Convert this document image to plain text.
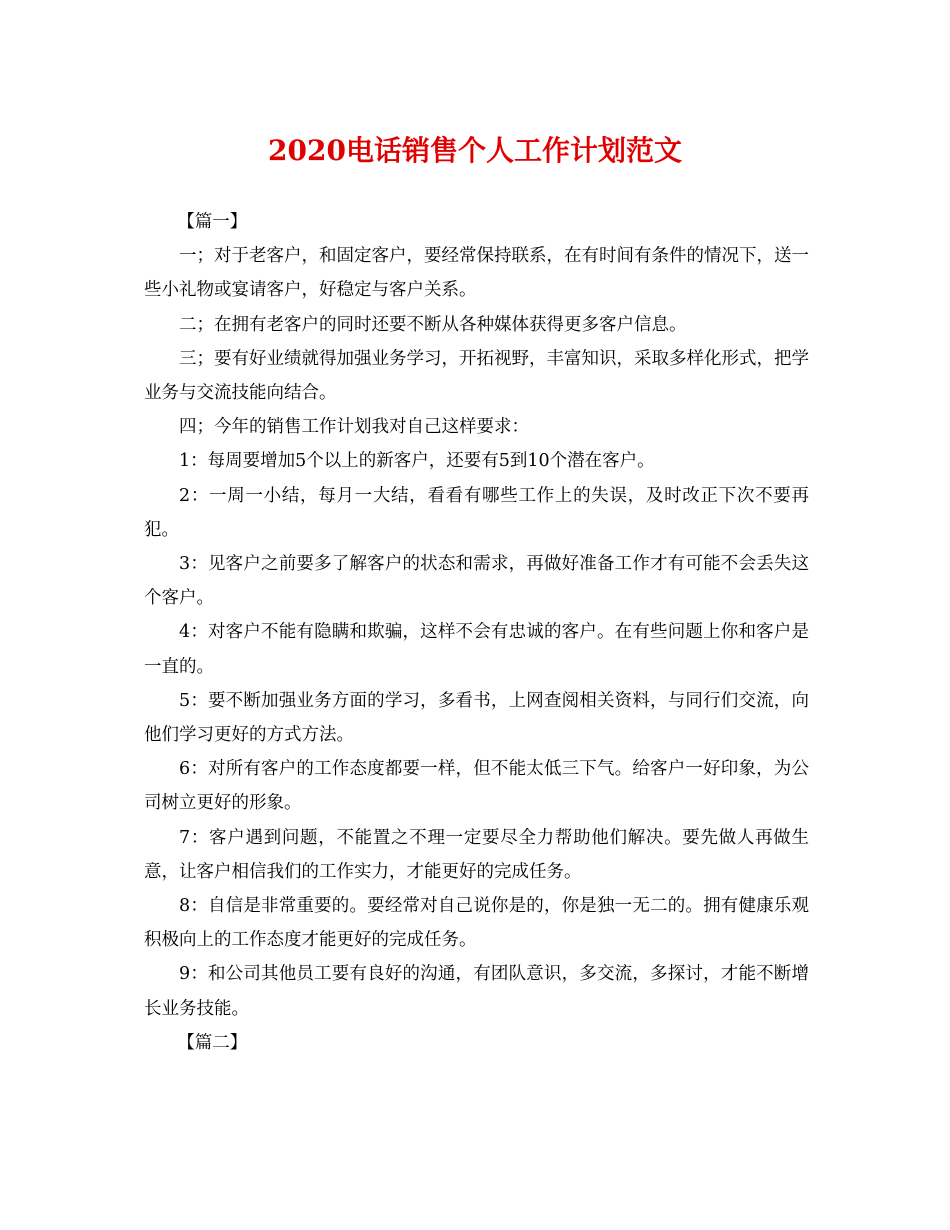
2020电话销售个人工作计划范文

【篇一】

一；对于老客户，和固定客户，要经常保持联系，在有时间有条件的情况下，送一些小礼物或宴请客户，好稳定与客户关系。

二；在拥有老客户的同时还要不断从各种媒体获得更多客户信息。

三；要有好业绩就得加强业务学习，开拓视野，丰富知识，采取多样化形式，把学业务与交流技能向结合。

四；今年的销售工作计划我对自己这样要求：

1：每周要增加5个以上的新客户，还要有5到10个潜在客户。

2：一周一小结，每月一大结，看看有哪些工作上的失误，及时改正下次不要再犯。

3：见客户之前要多了解客户的状态和需求，再做好准备工作才有可能不会丢失这个客户。

4：对客户不能有隐瞒和欺骗，这样不会有忠诚的客户。在有些问题上你和客户是一直的。

5：要不断加强业务方面的学习，多看书，上网查阅相关资料，与同行们交流，向他们学习更好的方式方法。

6：对所有客户的工作态度都要一样，但不能太低三下气。给客户一好印象，为公司树立更好的形象。

7：客户遇到问题，不能置之不理一定要尽全力帮助他们解决。要先做人再做生意，让客户相信我们的工作实力，才能更好的完成任务。

8：自信是非常重要的。要经常对自己说你是的，你是独一无二的。拥有健康乐观积极向上的工作态度才能更好的完成任务。

9：和公司其他员工要有良好的沟通，有团队意识，多交流，多探讨，才能不断增长业务技能。

【篇二】
